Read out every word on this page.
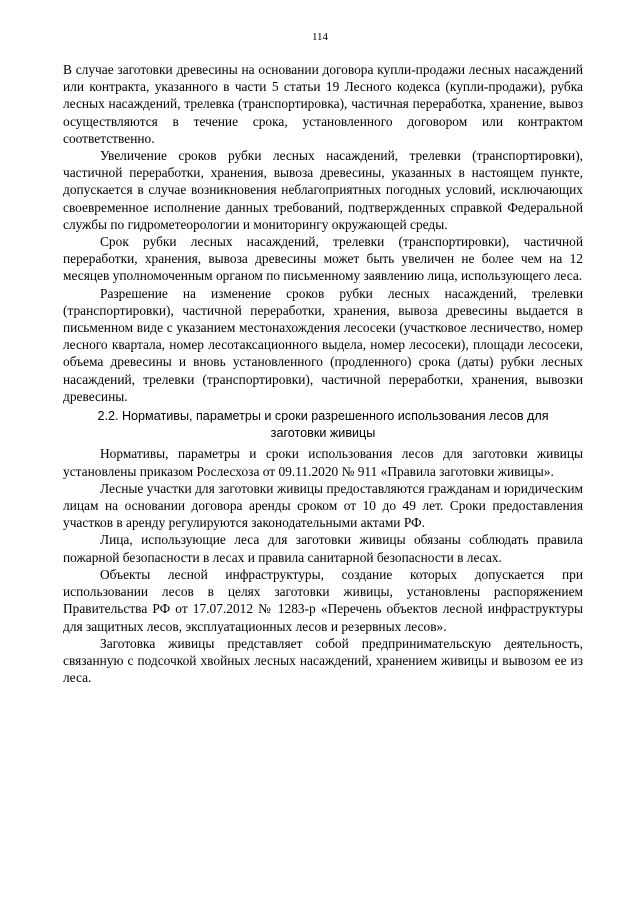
114

В случае заготовки древесины на основании договора купли-продажи лесных насаждений или контракта, указанного в части 5 статьи 19 Лесного кодекса (купли-продажи), рубка лесных насаждений, трелевка (транспортировка), частичная переработка, хранение, вывоз осуществляются в течение срока, установленного договором или контрактом соответственно.

Увеличение сроков рубки лесных насаждений, трелевки (транспортировки), частичной переработки, хранения, вывоза древесины, указанных в настоящем пункте, допускается в случае возникновения неблагоприятных погодных условий, исключающих своевременное исполнение данных требований, подтвержденных справкой Федеральной службы по гидрометеорологии и мониторингу окружающей среды.

Срок рубки лесных насаждений, трелевки (транспортировки), частичной переработки, хранения, вывоза древесины может быть увеличен не более чем на 12 месяцев уполномоченным органом по письменному заявлению лица, использующего леса.

Разрешение на изменение сроков рубки лесных насаждений, трелевки (транспортировки), частичной переработки, хранения, вывоза древесины выдается в письменном виде с указанием местонахождения лесосеки (участковое лесничество, номер лесного квартала, номер лесотаксационного выдела, номер лесосеки), площади лесосеки, объема древесины и вновь установленного (продленного) срока (даты) рубки лесных насаждений, трелевки (транспортировки), частичной переработки, хранения, вывозки древесины.

2.2. Нормативы, параметры и сроки разрешенного использования лесов для
заготовки живицы

Нормативы, параметры и сроки использования лесов для заготовки живицы установлены приказом Рослесхоза от 09.11.2020 № 911 «Правила заготовки живицы».

Лесные участки для заготовки живицы предоставляются гражданам и юридическим лицам на основании договора аренды сроком от 10 до 49 лет. Сроки предоставления участков в аренду регулируются законодательными актами РФ.

Лица, использующие леса для заготовки живицы обязаны соблюдать правила пожарной безопасности в лесах и правила санитарной безопасности в лесах.

Объекты лесной инфраструктуры, создание которых допускается при использовании лесов в целях заготовки живицы, установлены распоряжением Правительства РФ от 17.07.2012 № 1283-р «Перечень объектов лесной инфраструктуры для защитных лесов, эксплуатационных лесов и резервных лесов».

Заготовка живицы представляет собой предпринимательскую деятельность, связанную с подсочкой хвойных лесных насаждений, хранением живицы и вывозом ее из леса.
